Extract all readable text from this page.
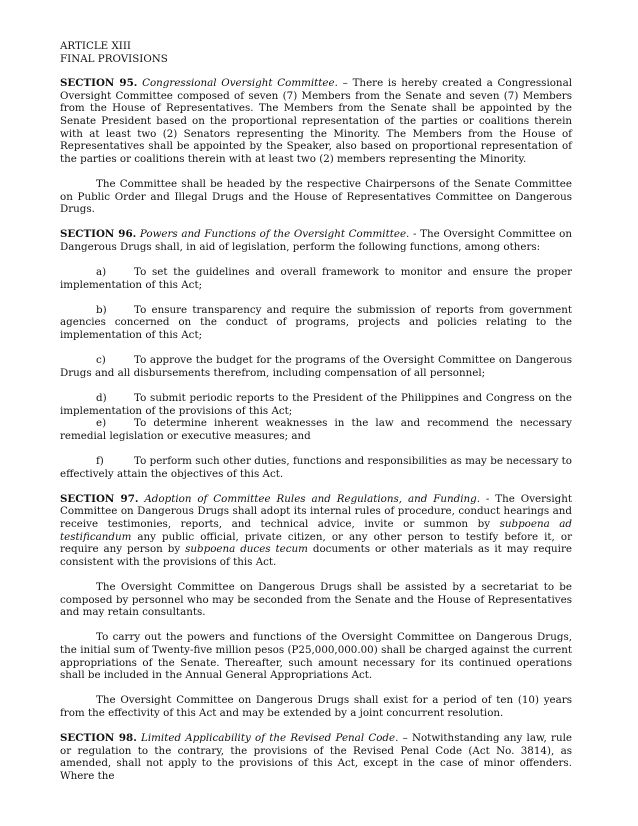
ARTICLE XIII
FINAL PROVISIONS

SECTION 95. Congressional Oversight Committee. – There is hereby created a Congressional Oversight Committee composed of seven (7) Members from the Senate and seven (7) Members from the House of Representatives. The Members from the Senate shall be appointed by the Senate President based on the proportional representation of the parties or coalitions therein with at least two (2) Senators representing the Minority. The Members from the House of Representatives shall be appointed by the Speaker, also based on proportional representation of the parties or coalitions therein with at least two (2) members representing the Minority.

The Committee shall be headed by the respective Chairpersons of the Senate Committee on Public Order and Illegal Drugs and the House of Representatives Committee on Dangerous Drugs.

SECTION 96. Powers and Functions of the Oversight Committee. - The Oversight Committee on Dangerous Drugs shall, in aid of legislation, perform the following functions, among others:

a)	To set the guidelines and overall framework to monitor and ensure the proper implementation of this Act;
b)	To ensure transparency and require the submission of reports from government agencies concerned on the conduct of programs, projects and policies relating to the implementation of this Act;
c)	To approve the budget for the programs of the Oversight Committee on Dangerous Drugs and all disbursements therefrom, including compensation of all personnel;
d)	To submit periodic reports to the President of the Philippines and Congress on the implementation of the provisions of this Act;
e)	To determine inherent weaknesses in the law and recommend the necessary remedial legislation or executive measures; and
f)	To perform such other duties, functions and responsibilities as may be necessary to effectively attain the objectives of this Act.

SECTION 97. Adoption of Committee Rules and Regulations, and Funding. - The Oversight Committee on Dangerous Drugs shall adopt its internal rules of procedure, conduct hearings and receive testimonies, reports, and technical advice, invite or summon by subpoena ad testificandum any public official, private citizen, or any other person to testify before it, or require any person by subpoena duces tecum documents or other materials as it may require consistent with the provisions of this Act.

The Oversight Committee on Dangerous Drugs shall be assisted by a secretariat to be composed by personnel who may be seconded from the Senate and the House of Representatives and may retain consultants.

To carry out the powers and functions of the Oversight Committee on Dangerous Drugs, the initial sum of Twenty-five million pesos (P25,000,000.00) shall be charged against the current appropriations of the Senate. Thereafter, such amount necessary for its continued operations shall be included in the Annual General Appropriations Act.

The Oversight Committee on Dangerous Drugs shall exist for a period of ten (10) years from the effectivity of this Act and may be extended by a joint concurrent resolution.

SECTION 98. Limited Applicability of the Revised Penal Code. – Notwithstanding any law, rule or regulation to the contrary, the provisions of the Revised Penal Code (Act No. 3814), as amended, shall not apply to the provisions of this Act, except in the case of minor offenders. Where the
